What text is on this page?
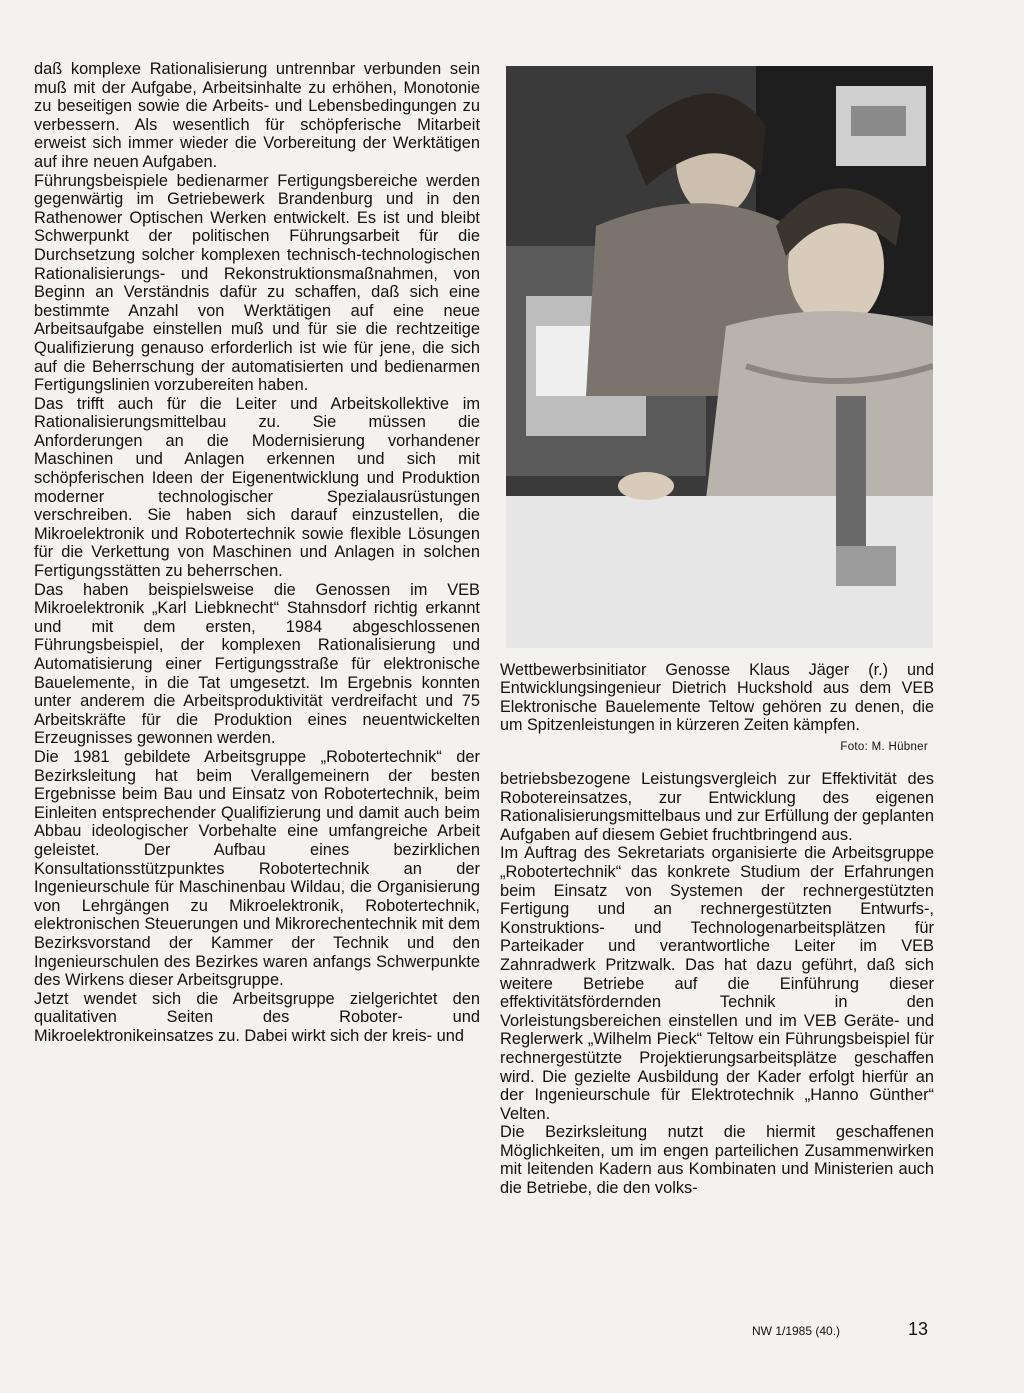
daß komplexe Rationalisierung untrennbar verbunden sein muß mit der Aufgabe, Arbeitsinhalte zu erhöhen, Monotonie zu beseitigen sowie die Arbeits- und Lebensbedingungen zu verbessern. Als wesentlich für schöpferische Mitarbeit erweist sich immer wieder die Vorbereitung der Werktätigen auf ihre neuen Aufgaben.

Führungsbeispiele bedienarmer Fertigungsbereiche werden gegenwärtig im Getriebewerk Brandenburg und in den Rathenower Optischen Werken entwickelt. Es ist und bleibt Schwerpunkt der politischen Führungsarbeit für die Durchsetzung solcher komplexen technisch-technologischen Rationalisierungs- und Rekonstruktionsmaßnahmen, von Beginn an Verständnis dafür zu schaffen, daß sich eine bestimmte Anzahl von Werktätigen auf eine neue Arbeitsaufgabe einstellen muß und für sie die rechtzeitige Qualifizierung genauso erforderlich ist wie für jene, die sich auf die Beherrschung der automatisierten und bedienarmen Fertigungslinien vorzubereiten haben.

Das trifft auch für die Leiter und Arbeitskollektive im Rationalisierungsmittelbau zu. Sie müssen die Anforderungen an die Modernisierung vorhandener Maschinen und Anlagen erkennen und sich mit schöpferischen Ideen der Eigenentwicklung und Produktion moderner technologischer Spezialausrüstungen verschreiben. Sie haben sich darauf einzustellen, die Mikroelektronik und Robotertechnik sowie flexible Lösungen für die Verkettung von Maschinen und Anlagen in solchen Fertigungsstätten zu beherrschen.

Das haben beispielsweise die Genossen im VEB Mikroelektronik „Karl Liebknecht“ Stahnsdorf richtig erkannt und mit dem ersten, 1984 abgeschlossenen Führungsbeispiel, der komplexen Rationalisierung und Automatisierung einer Fertigungsstraße für elektronische Bauelemente, in die Tat umgesetzt. Im Ergebnis konnten unter anderem die Arbeitsproduktivität verdreifacht und 75 Arbeitskräfte für die Produktion eines neuentwickelten Erzeugnisses gewonnen werden.

Die 1981 gebildete Arbeitsgruppe „Robotertechnik“ der Bezirksleitung hat beim Verallgemeinern der besten Ergebnisse beim Bau und Einsatz von Robotertechnik, beim Einleiten entsprechender Qualifizierung und damit auch beim Abbau ideologischer Vorbehalte eine umfangreiche Arbeit geleistet. Der Aufbau eines bezirklichen Konsultationsstützpunktes Robotertechnik an der Ingenieurschule für Maschinenbau Wildau, die Organisierung von Lehrgängen zu Mikroelektronik, Robotertechnik, elektronischen Steuerungen und Mikrorechentechnik mit dem Bezirksvorstand der Kammer der Technik und den Ingenieurschulen des Bezirkes waren anfangs Schwerpunkte des Wirkens dieser Arbeitsgruppe.

Jetzt wendet sich die Arbeitsgruppe zielgerichtet den qualitativen Seiten des Roboter- und Mikroelektronikeinsatzes zu. Dabei wirkt sich der kreis- und

Wettbewerbsinitiator Genosse Klaus Jäger (r.) und Entwicklungsingenieur Dietrich Huckshold aus dem VEB Elektronische Bauelemente Teltow gehören zu denen, die um Spitzenleistungen in kürzeren Zeiten kämpfen.
Foto: M. Hübner

betriebsbezogene Leistungsvergleich zur Effektivität des Robotereinsatzes, zur Entwicklung des eigenen Rationalisierungsmittelbaus und zur Erfüllung der geplanten Aufgaben auf diesem Gebiet fruchtbringend aus.

Im Auftrag des Sekretariats organisierte die Arbeitsgruppe „Robotertechnik“ das konkrete Studium der Erfahrungen beim Einsatz von Systemen der rechnergestützten Fertigung und an rechnergestützten Entwurfs-, Konstruktions- und Technologenarbeitsplätzen für Parteikader und verantwortliche Leiter im VEB Zahnradwerk Pritzwalk. Das hat dazu geführt, daß sich weitere Betriebe auf die Einführung dieser effektivitätsfördernden Technik in den Vorleistungsbereichen einstellen und im VEB Geräte- und Reglerwerk „Wilhelm Pieck“ Teltow ein Führungsbeispiel für rechnergestützte Projektierungsarbeitsplätze geschaffen wird. Die gezielte Ausbildung der Kader erfolgt hierfür an der Ingenieurschule für Elektrotechnik „Hanno Günther“ Velten.

Die Bezirksleitung nutzt die hiermit geschaffenen Möglichkeiten, um im engen parteilichen Zusammenwirken mit leitenden Kadern aus Kombinaten und Ministerien auch die Betriebe, die den volks-

NW 1/1985 (40.)	13
